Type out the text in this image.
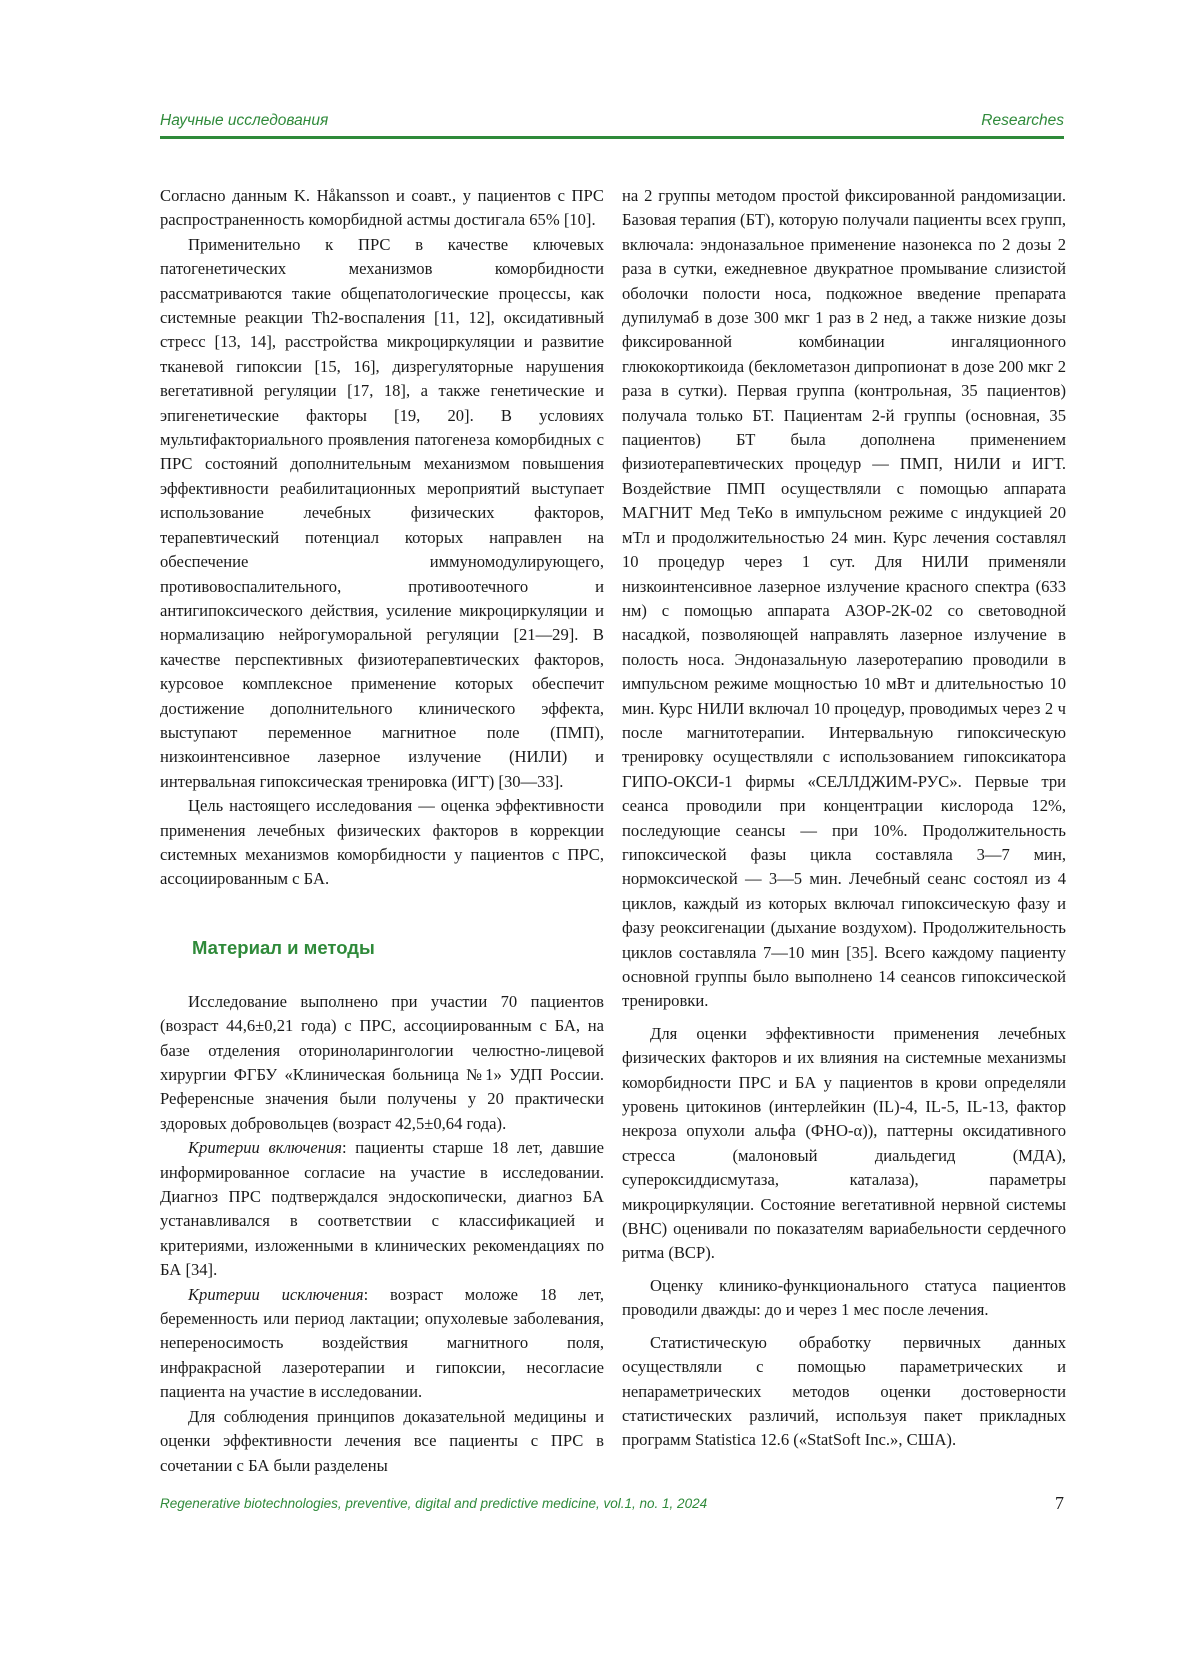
Научные исследования	Researches

Согласно данным K. Håkansson и соавт., у пациентов с ПРС распространенность коморбидной астмы достигала 65% [10].

Применительно к ПРС в качестве ключевых патогенетических механизмов коморбидности рассматриваются такие общепатологические процессы, как системные реакции Th2-воспаления [11, 12], оксидативный стресс [13, 14], расстройства микроциркуляции и развитие тканевой гипоксии [15, 16], дизрегуляторные нарушения вегетативной регуляции [17, 18], а также генетические и эпигенетические факторы [19, 20]. В условиях мультифакториального проявления патогенеза коморбидных с ПРС состояний дополнительным механизмом повышения эффективности реабилитационных мероприятий выступает использование лечебных физических факторов, терапевтический потенциал которых направлен на обеспечение иммуномодулирующего, противовоспалительного, противоотечного и антигипоксического действия, усиление микроциркуляции и нормализацию нейрогуморальной регуляции [21—29]. В качестве перспективных физиотерапевтических факторов, курсовое комплексное применение которых обеспечит достижение дополнительного клинического эффекта, выступают переменное магнитное поле (ПМП), низкоинтенсивное лазерное излучение (НИЛИ) и интервальная гипоксическая тренировка (ИГТ) [30—33].

Цель настоящего исследования — оценка эффективности применения лечебных физических факторов в коррекции системных механизмов коморбидности у пациентов с ПРС, ассоциированным с БА.

Материал и методы

Исследование выполнено при участии 70 пациентов (возраст 44,6±0,21 года) с ПРС, ассоциированным с БА, на базе отделения оториноларингологии челюстно-лицевой хирургии ФГБУ «Клиническая больница №1» УДП России. Референсные значения были получены у 20 практически здоровых добровольцев (возраст 42,5±0,64 года).

Критерии включения: пациенты старше 18 лет, давшие информированное согласие на участие в исследовании. Диагноз ПРС подтверждался эндоскопически, диагноз БА устанавливался в соответствии с классификацией и критериями, изложенными в клинических рекомендациях по БА [34].

Критерии исключения: возраст моложе 18 лет, беременность или период лактации; опухолевые заболевания, непереносимость воздействия магнитного поля, инфракрасной лазеротерапии и гипоксии, несогласие пациента на участие в исследовании.

Для соблюдения принципов доказательной медицины и оценки эффективности лечения все пациенты с ПРС в сочетании с БА были разделены

на 2 группы методом простой фиксированной рандомизации. Базовая терапия (БТ), которую получали пациенты всех групп, включала: эндоназальное применение назонекса по 2 дозы 2 раза в сутки, ежедневное двукратное промывание слизистой оболочки полости носа, подкожное введение препарата дупилумаб в дозе 300 мкг 1 раз в 2 нед, а также низкие дозы фиксированной комбинации ингаляционного глюкокортикоида (беклометазон дипропионат в дозе 200 мкг 2 раза в сутки). Первая группа (контрольная, 35 пациентов) получала только БТ. Пациентам 2-й группы (основная, 35 пациентов) БТ была дополнена применением физиотерапевтических процедур — ПМП, НИЛИ и ИГТ. Воздействие ПМП осуществляли с помощью аппарата МАГНИТ Мед ТеКо в импульсном режиме с индукцией 20 мТл и продолжительностью 24 мин. Курс лечения составлял 10 процедур через 1 сут. Для НИЛИ применяли низкоинтенсивное лазерное излучение красного спектра (633 нм) с помощью аппарата АЗОР-2К-02 со световодной насадкой, позволяющей направлять лазерное излучение в полость носа. Эндоназальную лазеротерапию проводили в импульсном режиме мощностью 10 мВт и длительностью 10 мин. Курс НИЛИ включал 10 процедур, проводимых через 2 ч после магнитотерапии. Интервальную гипоксическую тренировку осуществляли с использованием гипоксикатора ГИПО-ОКСИ-1 фирмы «СЕЛЛДЖИМ-РУС». Первые три сеанса проводили при концентрации кислорода 12%, последующие сеансы — при 10%. Продолжительность гипоксической фазы цикла составляла 3—7 мин, нормоксической — 3—5 мин. Лечебный сеанс состоял из 4 циклов, каждый из которых включал гипоксическую фазу и фазу реоксигенации (дыхание воздухом). Продолжительность циклов составляла 7—10 мин [35]. Всего каждому пациенту основной группы было выполнено 14 сеансов гипоксической тренировки.

Для оценки эффективности применения лечебных физических факторов и их влияния на системные механизмы коморбидности ПРС и БА у пациентов в крови определяли уровень цитокинов (интерлейкин (IL)-4, IL-5, IL-13, фактор некроза опухоли альфа (ФНО-α)), паттерны оксидативного стресса (малоновый диальдегид (МДА), супероксиддисмутаза, каталаза), параметры микроциркуляции. Состояние вегетативной нервной системы (ВНС) оценивали по показателям вариабельности сердечного ритма (ВСР).

Оценку клинико-функционального статуса пациентов проводили дважды: до и через 1 мес после лечения.

Статистическую обработку первичных данных осуществляли с помощью параметрических и непараметрических методов оценки достоверности статистических различий, используя пакет прикладных программ Statistica 12.6 («StatSoft Inc.», США).

Regenerative biotechnologies, preventive, digital and predictive medicine, vol.1, no. 1, 2024	7
